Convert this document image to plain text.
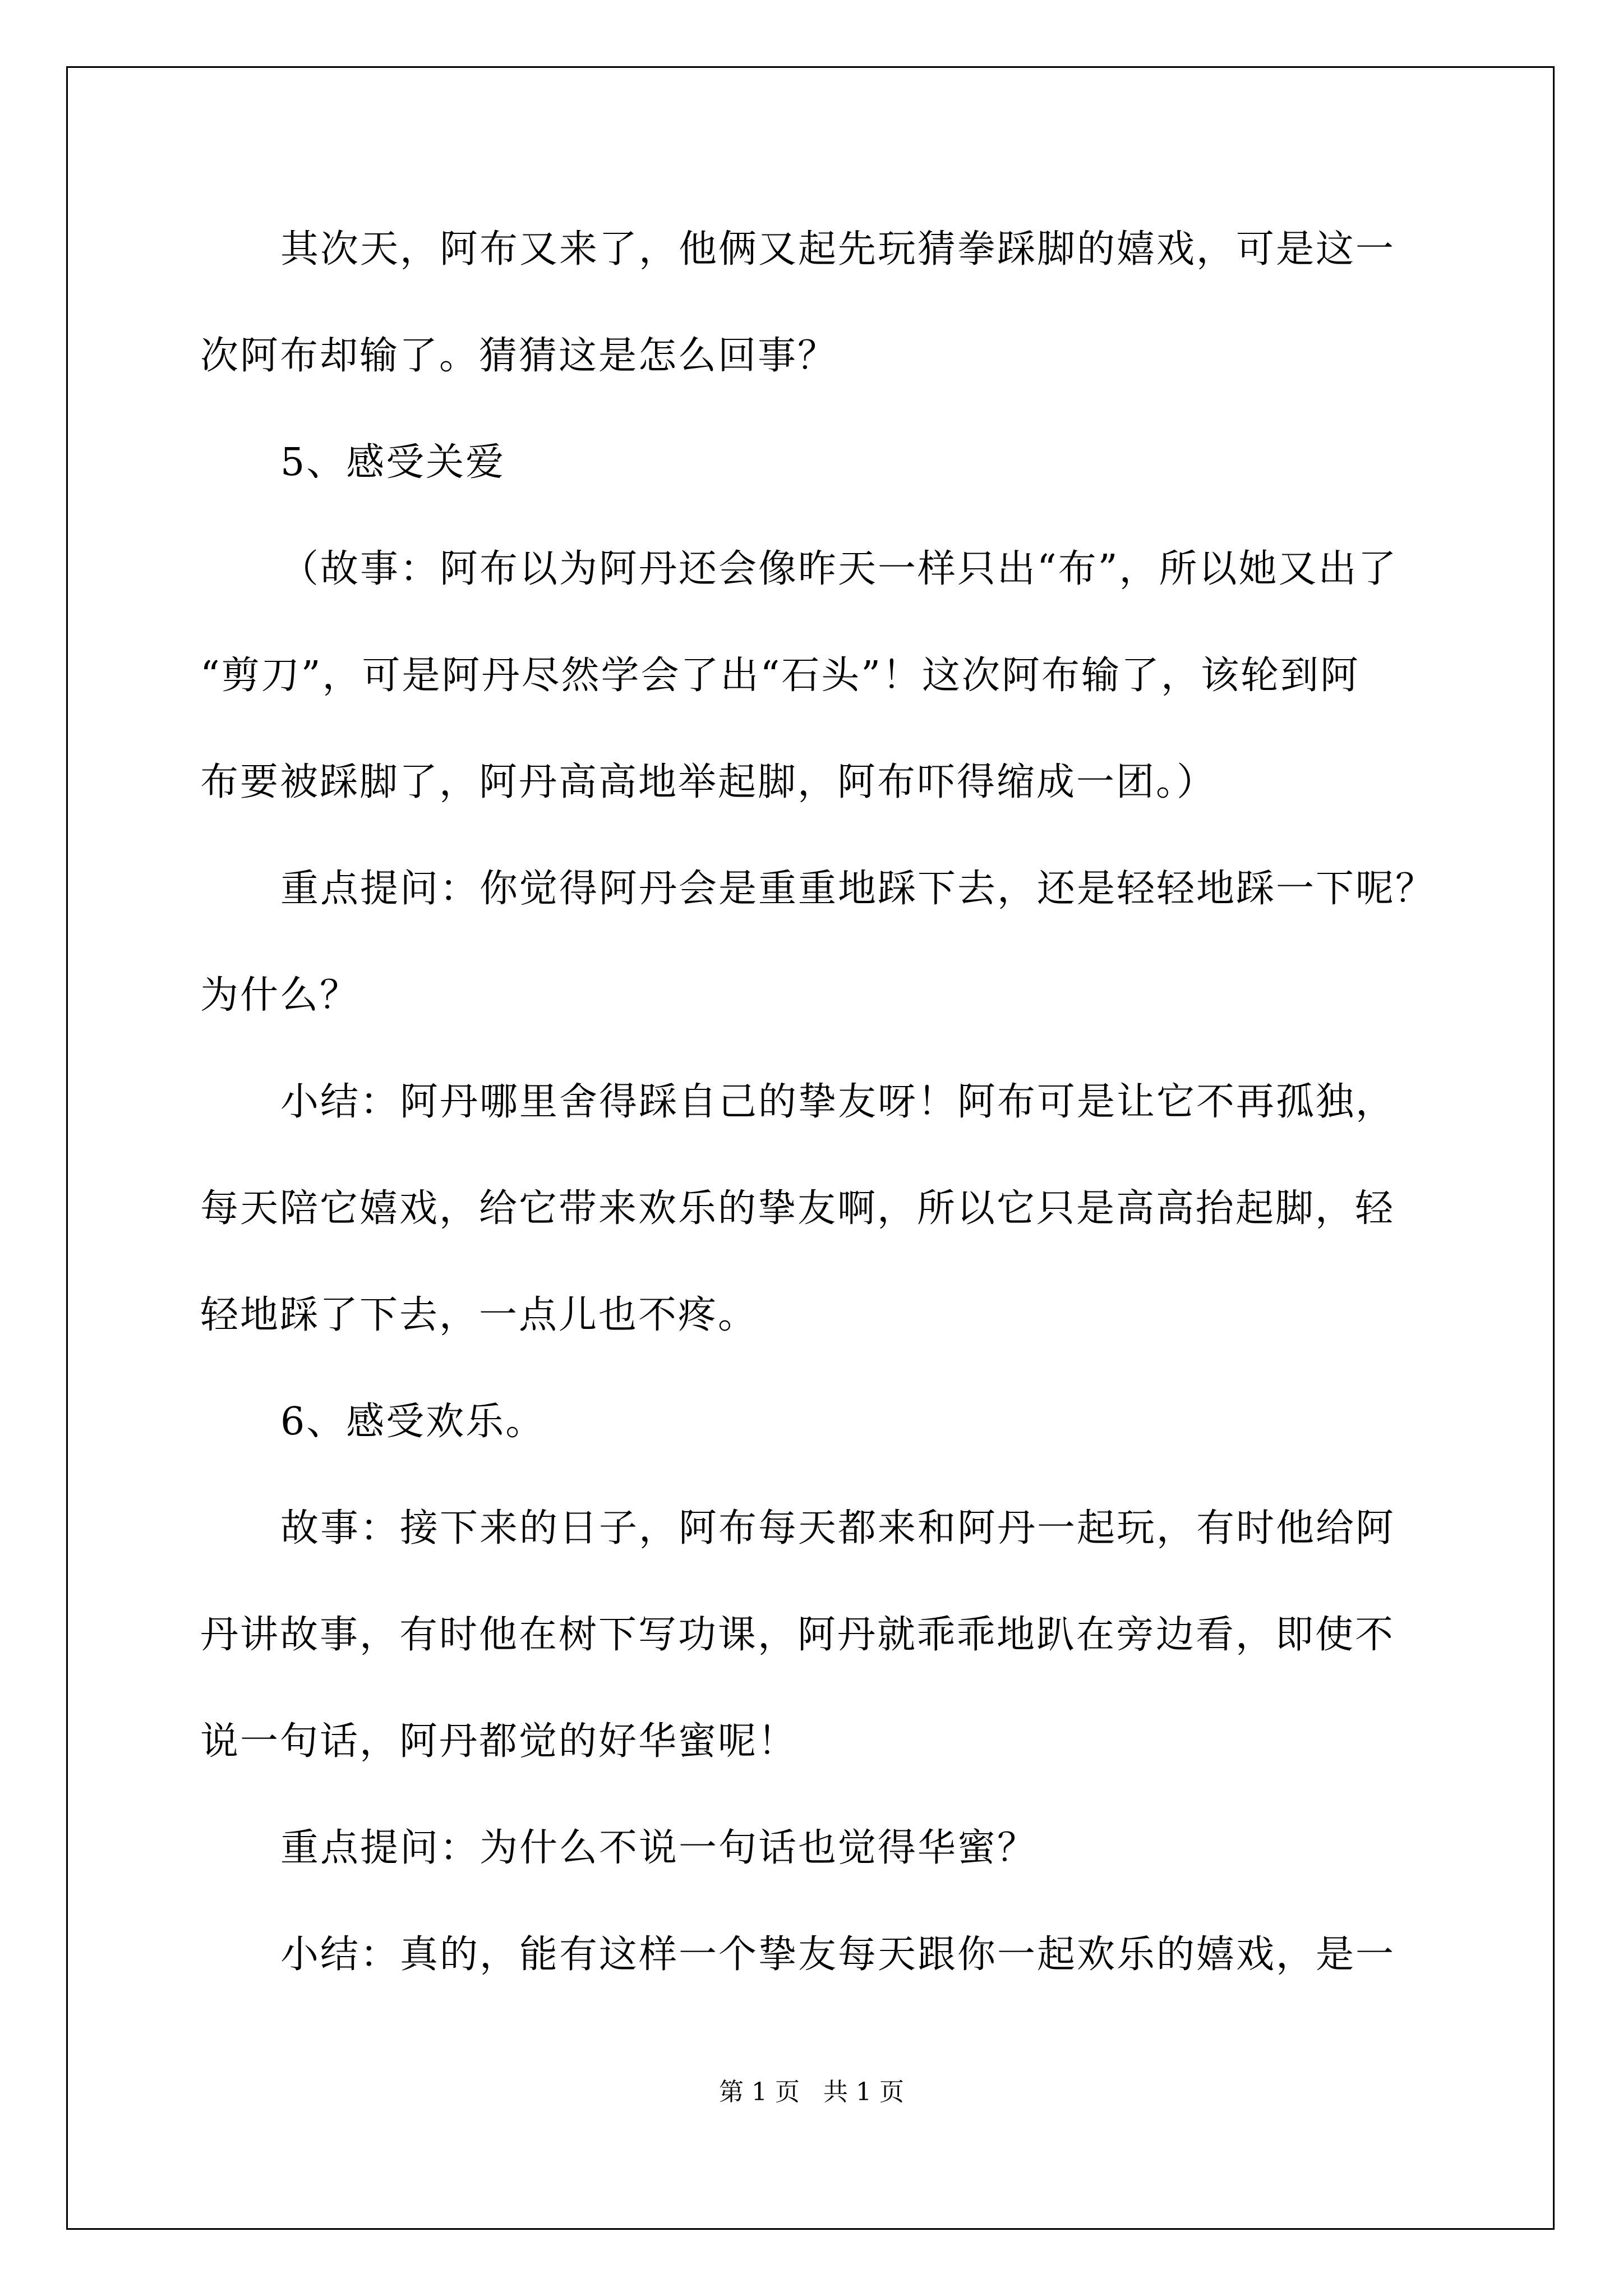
其次天，阿布又来了，他俩又起先玩猜拳踩脚的嬉戏，可是这一
次阿布却输了。猜猜这是怎么回事？
5、感受关爱
（故事：阿布以为阿丹还会像昨天一样只出“布”，所以她又出了
“剪刀”，可是阿丹尽然学会了出“石头”！这次阿布输了，该轮到阿
布要被踩脚了，阿丹高高地举起脚，阿布吓得缩成一团。）
重点提问：你觉得阿丹会是重重地踩下去，还是轻轻地踩一下呢？
为什么？
小结：阿丹哪里舍得踩自己的挚友呀！阿布可是让它不再孤独，
每天陪它嬉戏，给它带来欢乐的挚友啊，所以它只是高高抬起脚，轻
轻地踩了下去，一点儿也不疼。
6、感受欢乐。
故事：接下来的日子，阿布每天都来和阿丹一起玩，有时他给阿
丹讲故事，有时他在树下写功课，阿丹就乖乖地趴在旁边看，即使不
说一句话，阿丹都觉的好华蜜呢！
重点提问：为什么不说一句话也觉得华蜜？
小结：真的，能有这样一个挚友每天跟你一起欢乐的嬉戏，是一
第 1 页   共 1 页
